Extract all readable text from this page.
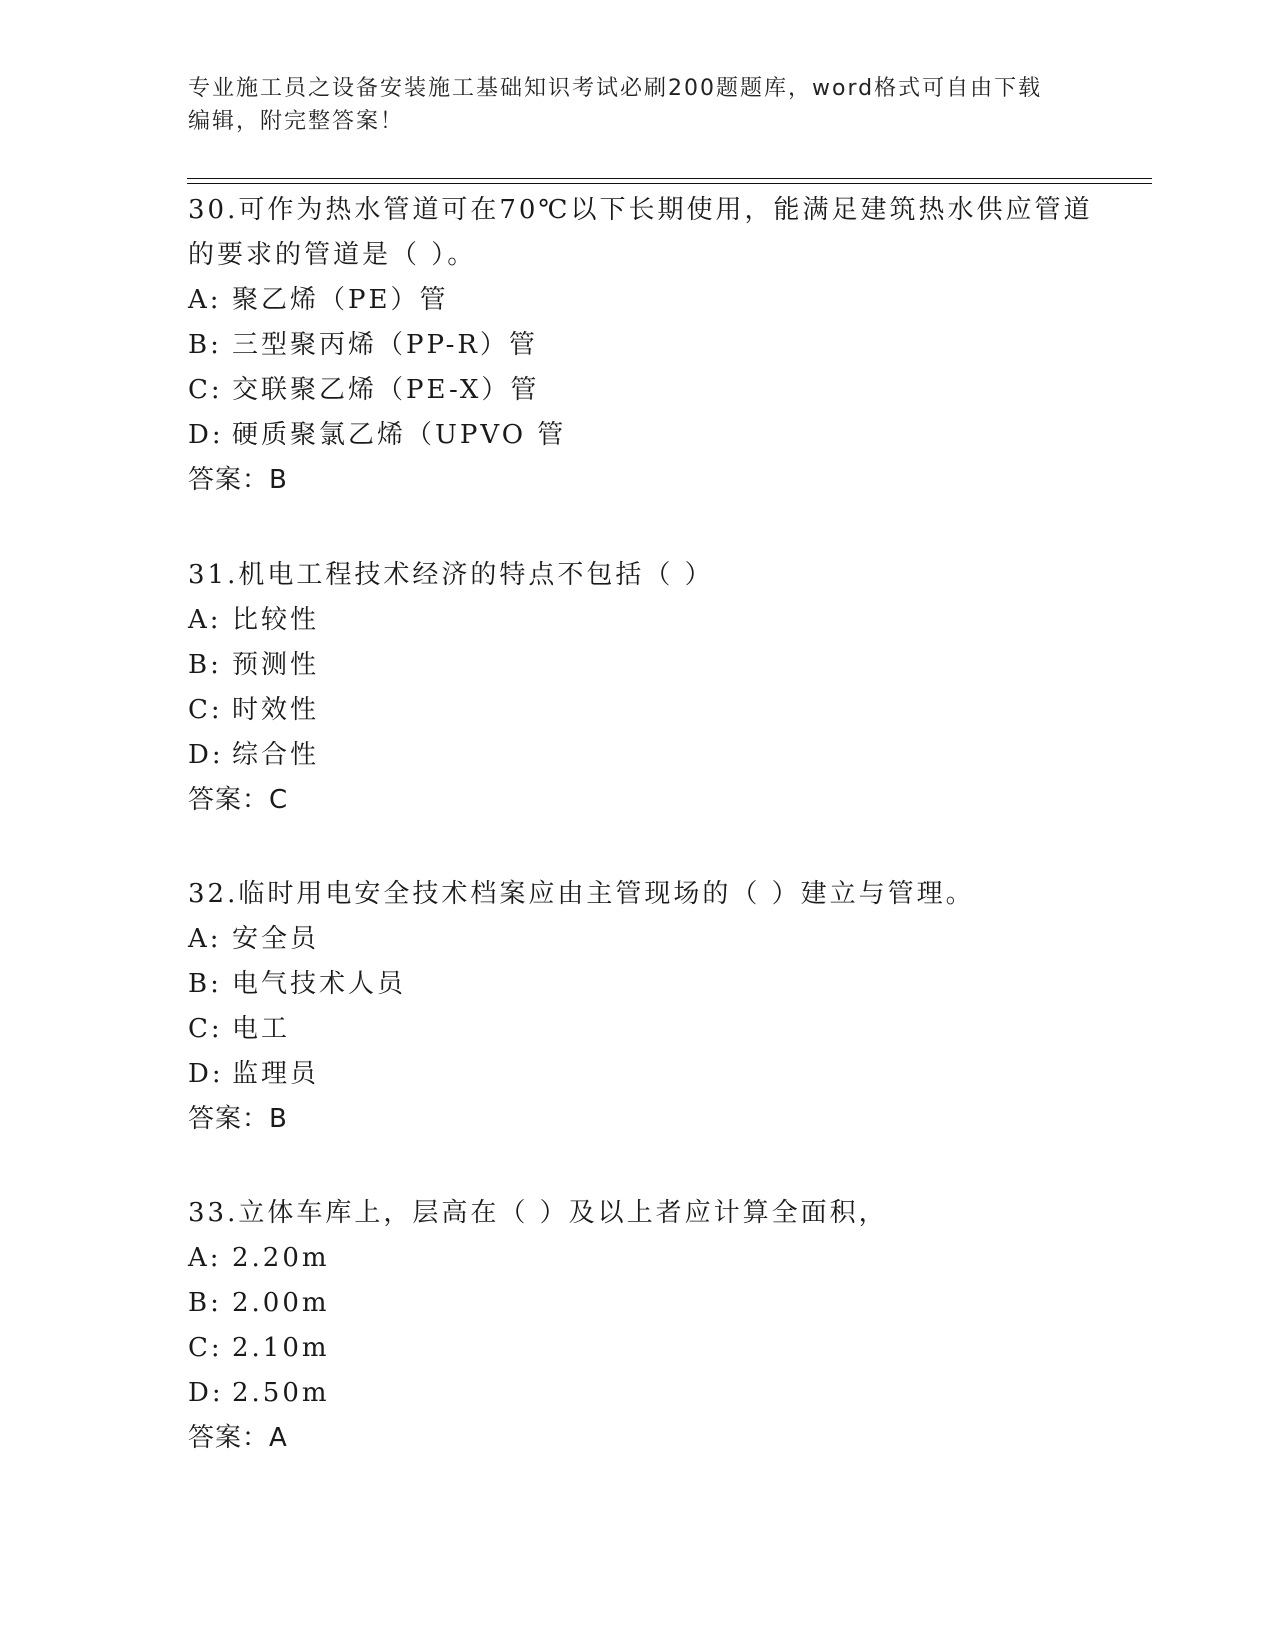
专业施工员之设备安装施工基础知识考试必刷200题题库，word格式可自由下载
编辑，附完整答案！
30.可作为热水管道可在70℃以下长期使用，能满足建筑热水供应管道
的要求的管道是（ ）。
A: 聚乙烯（PE）管
B: 三型聚丙烯（PP-R）管
C: 交联聚乙烯（PE-X）管
D: 硬质聚氯乙烯（UPVO 管
答案：B
31.机电工程技术经济的特点不包括（ ）
A: 比较性
B: 预测性
C: 时效性
D: 综合性
答案：C
32.临时用电安全技术档案应由主管现场的（ ）建立与管理。
A: 安全员
B: 电气技术人员
C: 电工
D: 监理员
答案：B
33.立体车库上，层高在（ ）及以上者应计算全面积，
A: 2.20m
B: 2.00m
C: 2.10m
D: 2.50m
答案：A
